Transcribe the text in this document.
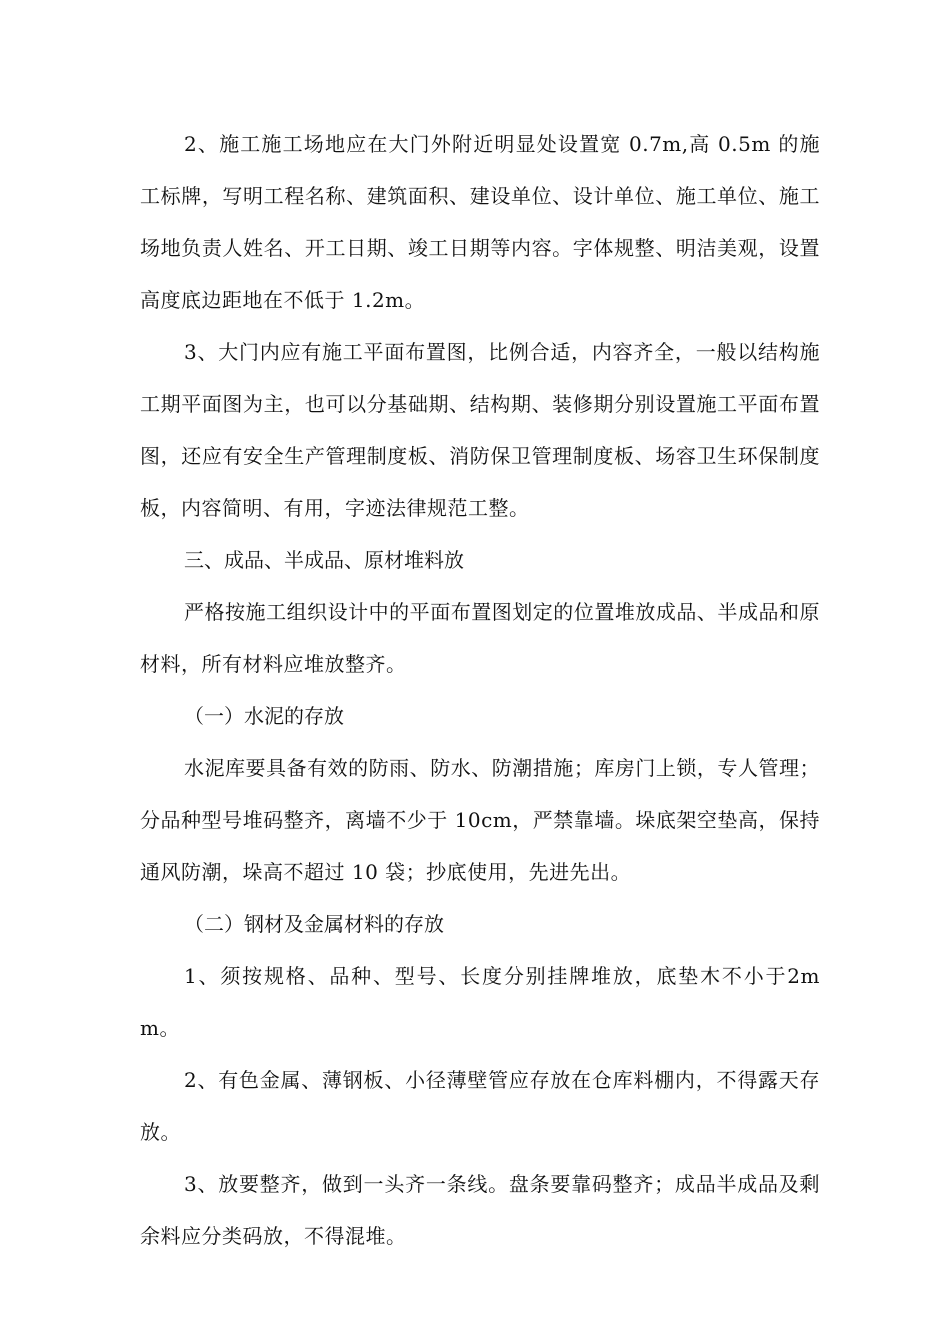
2、施工施工场地应在大门外附近明显处设置宽 0.7m,高 0.5m 的施工标牌，写明工程名称、建筑面积、建设单位、设计单位、施工单位、施工场地负责人姓名、开工日期、竣工日期等内容。字体规整、明洁美观，设置高度底边距地在不低于 1.2m。

3、大门内应有施工平面布置图，比例合适，内容齐全，一般以结构施工期平面图为主，也可以分基础期、结构期、装修期分别设置施工平面布置图，还应有安全生产管理制度板、消防保卫管理制度板、场容卫生环保制度板，内容简明、有用，字迹法律规范工整。

三、成品、半成品、原材堆料放

严格按施工组织设计中的平面布置图划定的位置堆放成品、半成品和原材料，所有材料应堆放整齐。

（一）水泥的存放

水泥库要具备有效的防雨、防水、防潮措施；库房门上锁，专人管理；分品种型号堆码整齐，离墙不少于 10cm，严禁靠墙。垛底架空垫高，保持通风防潮，垛高不超过 10 袋；抄底使用，先进先出。

（二）钢材及金属材料的存放

1、须按规格、品种、型号、长度分别挂牌堆放，底垫木不小于2mm。

2、有色金属、薄钢板、小径薄壁管应存放在仓库料棚内，不得露天存放。

3、放要整齐，做到一头齐一条线。盘条要靠码整齐；成品半成品及剩余料应分类码放，不得混堆。
